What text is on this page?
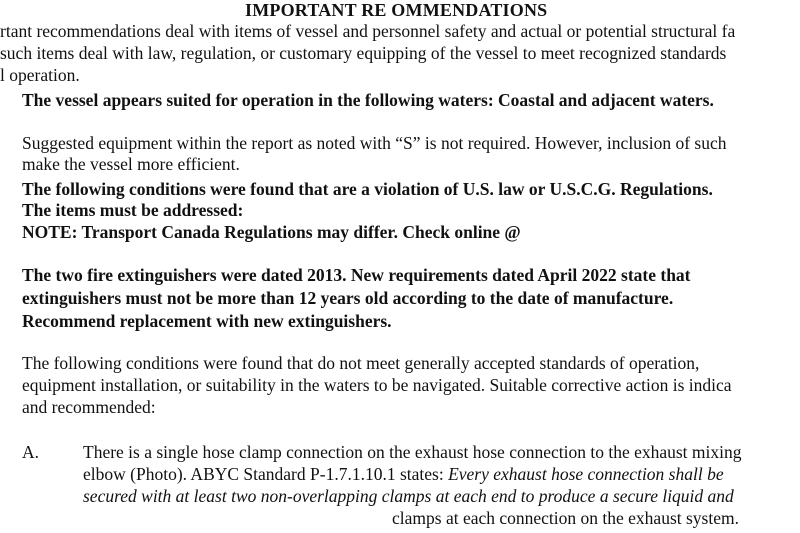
IMPORTANT RE OMMENDATIONS
rtant recommendations deal with items of vessel and personnel safety and actual or potential structural fa
such items deal with law, regulation, or customary equipping of the vessel to meet recognized standards
l operation.
The vessel appears suited for operation in the following waters: Coastal and adjacent waters.
Suggested equipment within the report as noted with “S” is not required. However, inclusion of such
make the vessel more efficient.
The following conditions were found that are a violation of U.S. law or U.S.C.G. Regulations.
The items must be addressed:
NOTE: Transport Canada Regulations may differ. Check online @
The two fire extinguishers were dated 2013. New requirements dated April 2022 state that
extinguishers must not be more than 12 years old according to the date of manufacture.
Recommend replacement with new extinguishers.
The following conditions were found that do not meet generally accepted standards of operation,
equipment installation, or suitability in the waters to be navigated. Suitable corrective action is indica
and recommended:
A.	There is a single hose clamp connection on the exhaust hose connection to the exhaust mixing
elbow (Photo). ABYC Standard P-1.7.1.10.1 states: Every exhaust hose connection shall be
secured with at least two non-overlapping clamps at each end to produce a secure liquid and
clamps at each connection on the exhaust system.
